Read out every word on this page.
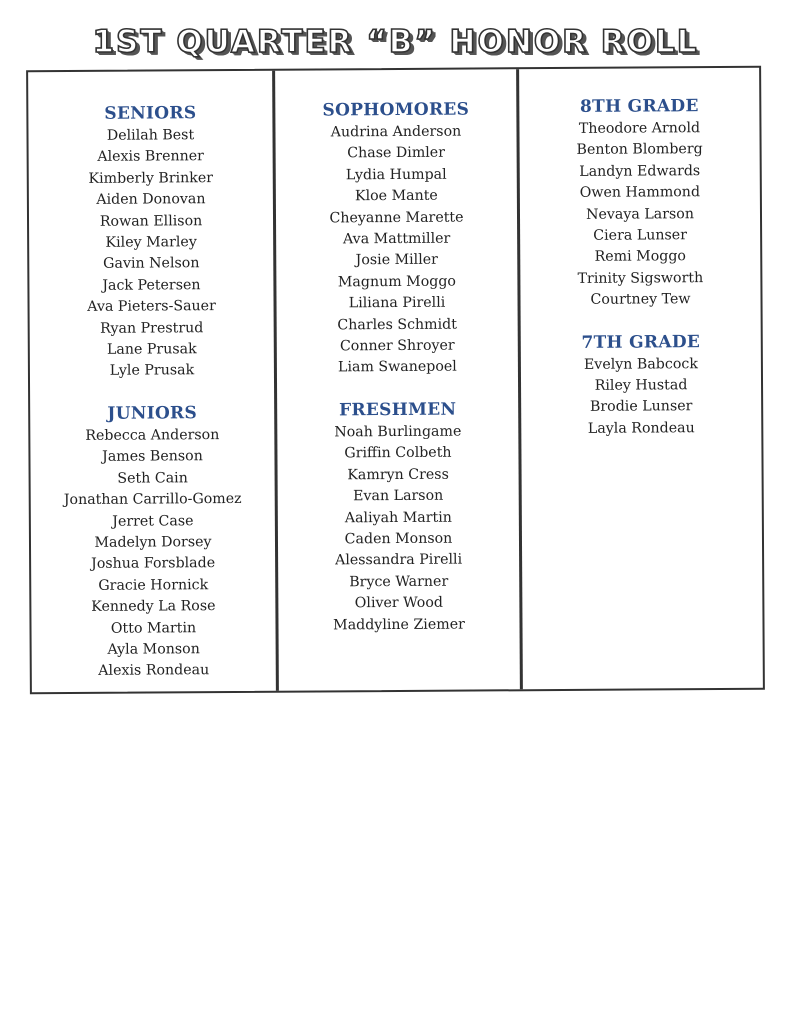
1ST QUARTER “B” HONOR ROLL
SENIORS
Delilah Best
Alexis Brenner
Kimberly Brinker
Aiden Donovan
Rowan Ellison
Kiley Marley
Gavin Nelson
Jack Petersen
Ava Pieters-Sauer
Ryan Prestrud
Lane Prusak
Lyle Prusak
JUNIORS
Rebecca Anderson
James Benson
Seth Cain
Jonathan Carrillo-Gomez
Jerret Case
Madelyn Dorsey
Joshua Forsblade
Gracie Hornick
Kennedy La Rose
Otto Martin
Ayla Monson
Alexis Rondeau
SOPHOMORES
Audrina Anderson
Chase Dimler
Lydia Humpal
Kloe Mante
Cheyanne Marette
Ava Mattmiller
Josie Miller
Magnum Moggo
Liliana Pirelli
Charles Schmidt
Conner Shroyer
Liam Swanepoel
FRESHMEN
Noah Burlingame
Griffin Colbeth
Kamryn Cress
Evan Larson
Aaliyah Martin
Caden Monson
Alessandra Pirelli
Bryce Warner
Oliver Wood
Maddyline Ziemer
8TH GRADE
Theodore Arnold
Benton Blomberg
Landyn Edwards
Owen Hammond
Nevaya Larson
Ciera Lunser
Remi Moggo
Trinity Sigsworth
Courtney Tew
7TH GRADE
Evelyn Babcock
Riley Hustad
Brodie Lunser
Layla Rondeau
